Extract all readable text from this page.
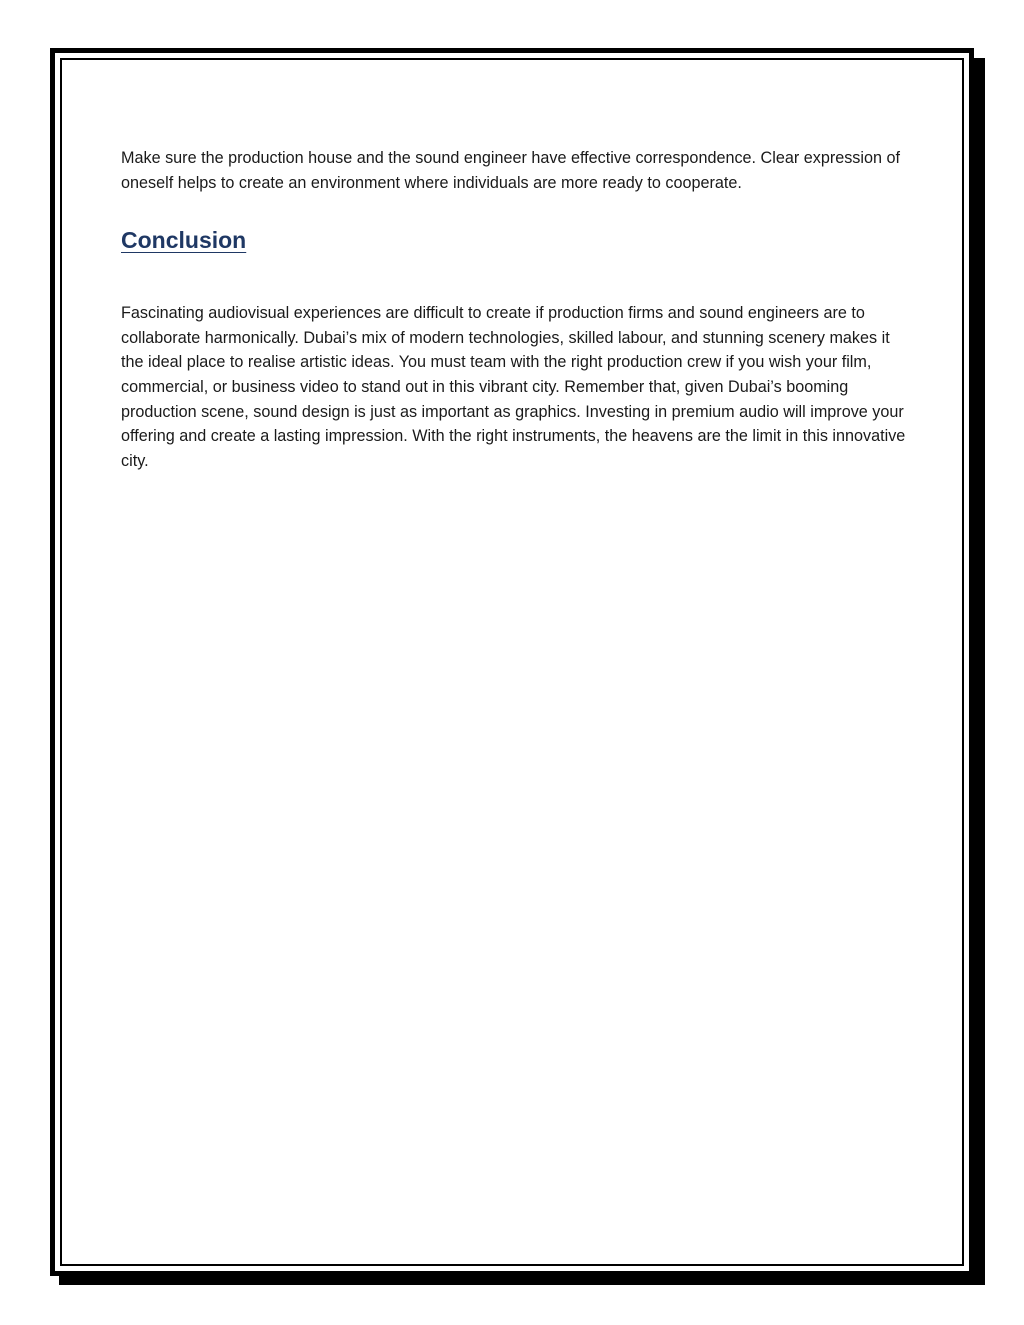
Make sure the production house and the sound engineer have effective correspondence. Clear expression of oneself helps to create an environment where individuals are more ready to cooperate.

Conclusion

Fascinating audiovisual experiences are difficult to create if production firms and sound engineers are to collaborate harmonically. Dubai’s mix of modern technologies, skilled labour, and stunning scenery makes it the ideal place to realise artistic ideas. You must team with the right production crew if you wish your film, commercial, or business video to stand out in this vibrant city. Remember that, given Dubai’s booming production scene, sound design is just as important as graphics. Investing in premium audio will improve your offering and create a lasting impression. With the right instruments, the heavens are the limit in this innovative city.
